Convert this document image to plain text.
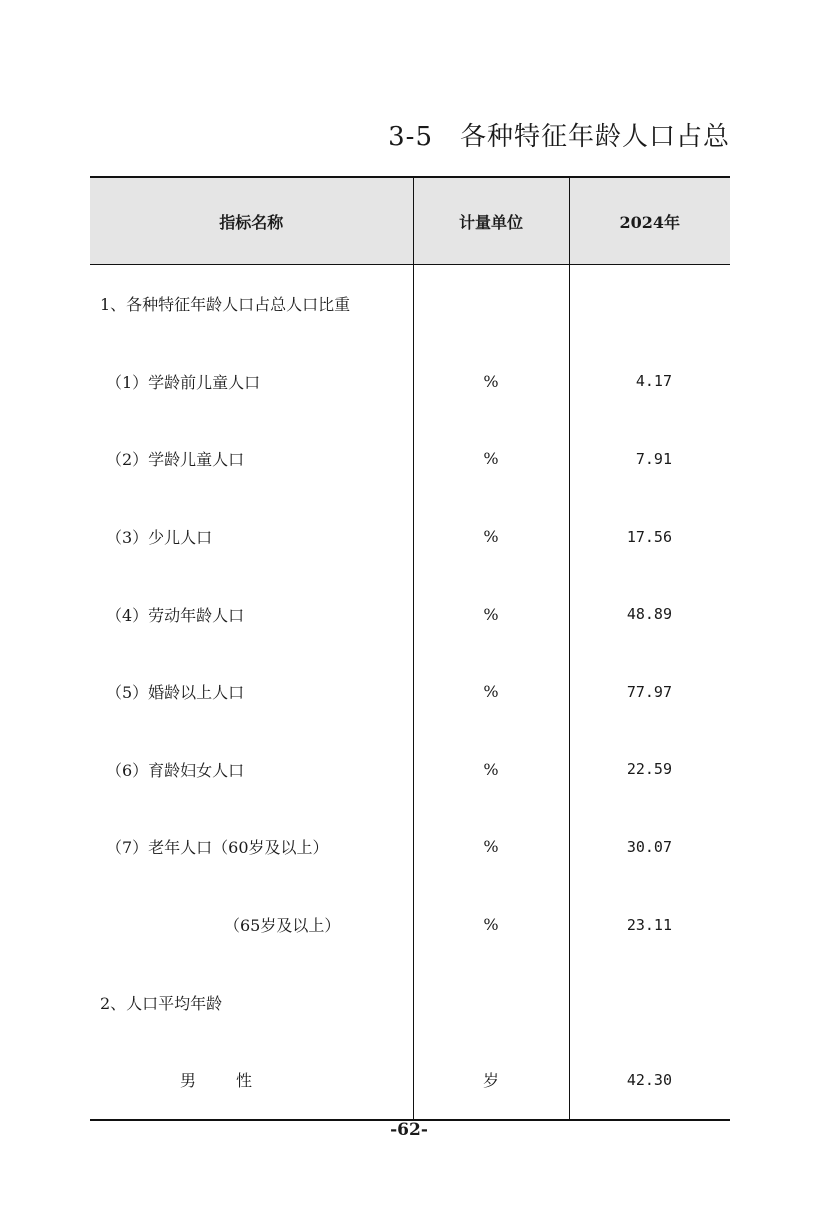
3-5　各种特征年龄人口占总
指标名称	计量单位	2024年
1、各种特征年龄人口占总人口比重		
（1）学龄前儿童人口	%	4.17
（2）学龄儿童人口	%	7.91
（3）少儿人口	%	17.56
（4）劳动年龄人口	%	48.89
（5）婚龄以上人口	%	77.97
（6）育龄妇女人口	%	22.59
（7）老年人口（60岁及以上）	%	30.07
（65岁及以上）	%	23.11
2、人口平均年龄		
男 性	岁	42.30
-62-
